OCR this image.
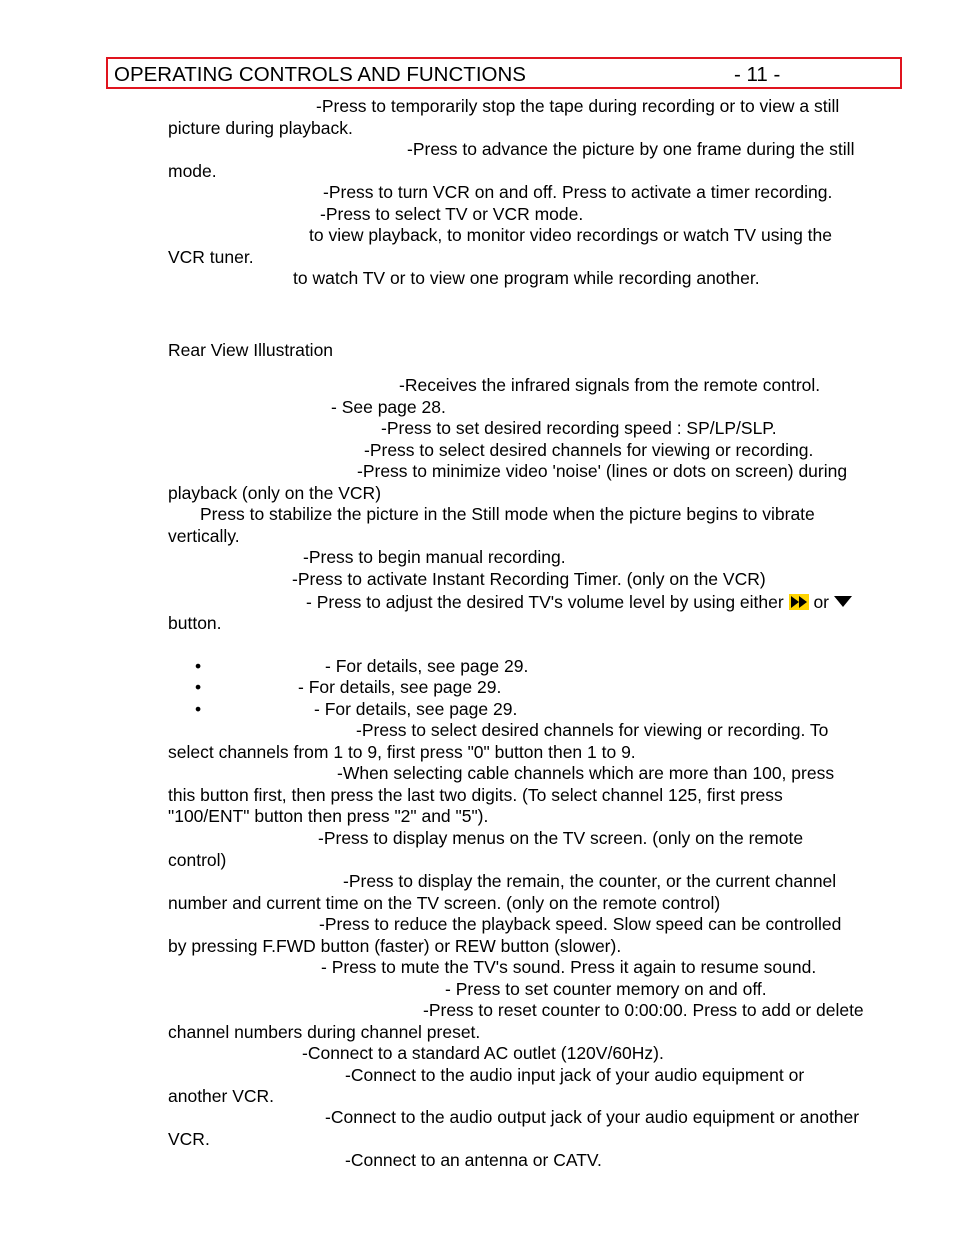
OPERATING CONTROLS AND FUNCTIONS	- 11 -
-Press to temporarily stop the tape during recording or to view a still
picture during playback.
-Press to advance the picture by one frame during the still
mode.
-Press to turn VCR on and off. Press to activate a timer recording.
-Press to select TV or VCR mode.
to view playback, to monitor video recordings or watch TV using the
VCR tuner.
to watch TV or to view one program while recording another.
Rear View Illustration
-Receives the infrared signals from the remote control.
- See page 28.
-Press to set desired recording speed : SP/LP/SLP.
-Press to select desired channels for viewing or recording.
-Press to minimize video 'noise' (lines or dots on screen) during
playback (only on the VCR)
Press to stabilize the picture in the Still mode when the picture begins to vibrate
vertically.
-Press to begin manual recording.
-Press to activate Instant Recording Timer. (only on the VCR)
- Press to adjust the desired TV's volume level by using either or
button.
•	- For details, see page 29.
•	- For details, see page 29.
•	- For details, see page 29.
-Press to select desired channels for viewing or recording. To
select channels from 1 to 9, first press "0" button then 1 to 9.
-When selecting cable channels which are more than 100, press
this button first, then press the last two digits. (To select channel 125, first press
"100/ENT" button then press "2" and "5").
-Press to display menus on the TV screen. (only on the remote
control)
-Press to display the remain, the counter, or the current channel
number and current time on the TV screen. (only on the remote control)
-Press to reduce the playback speed. Slow speed can be controlled
by pressing F.FWD button (faster) or REW button (slower).
- Press to mute the TV's sound. Press it again to resume sound.
- Press to set counter memory on and off.
-Press to reset counter to 0:00:00. Press to add or delete
channel numbers during channel preset.
-Connect to a standard AC outlet (120V/60Hz).
-Connect to the audio input jack of your audio equipment or
another VCR.
-Connect to the audio output jack of your audio equipment or another
VCR.
-Connect to an antenna or CATV.
